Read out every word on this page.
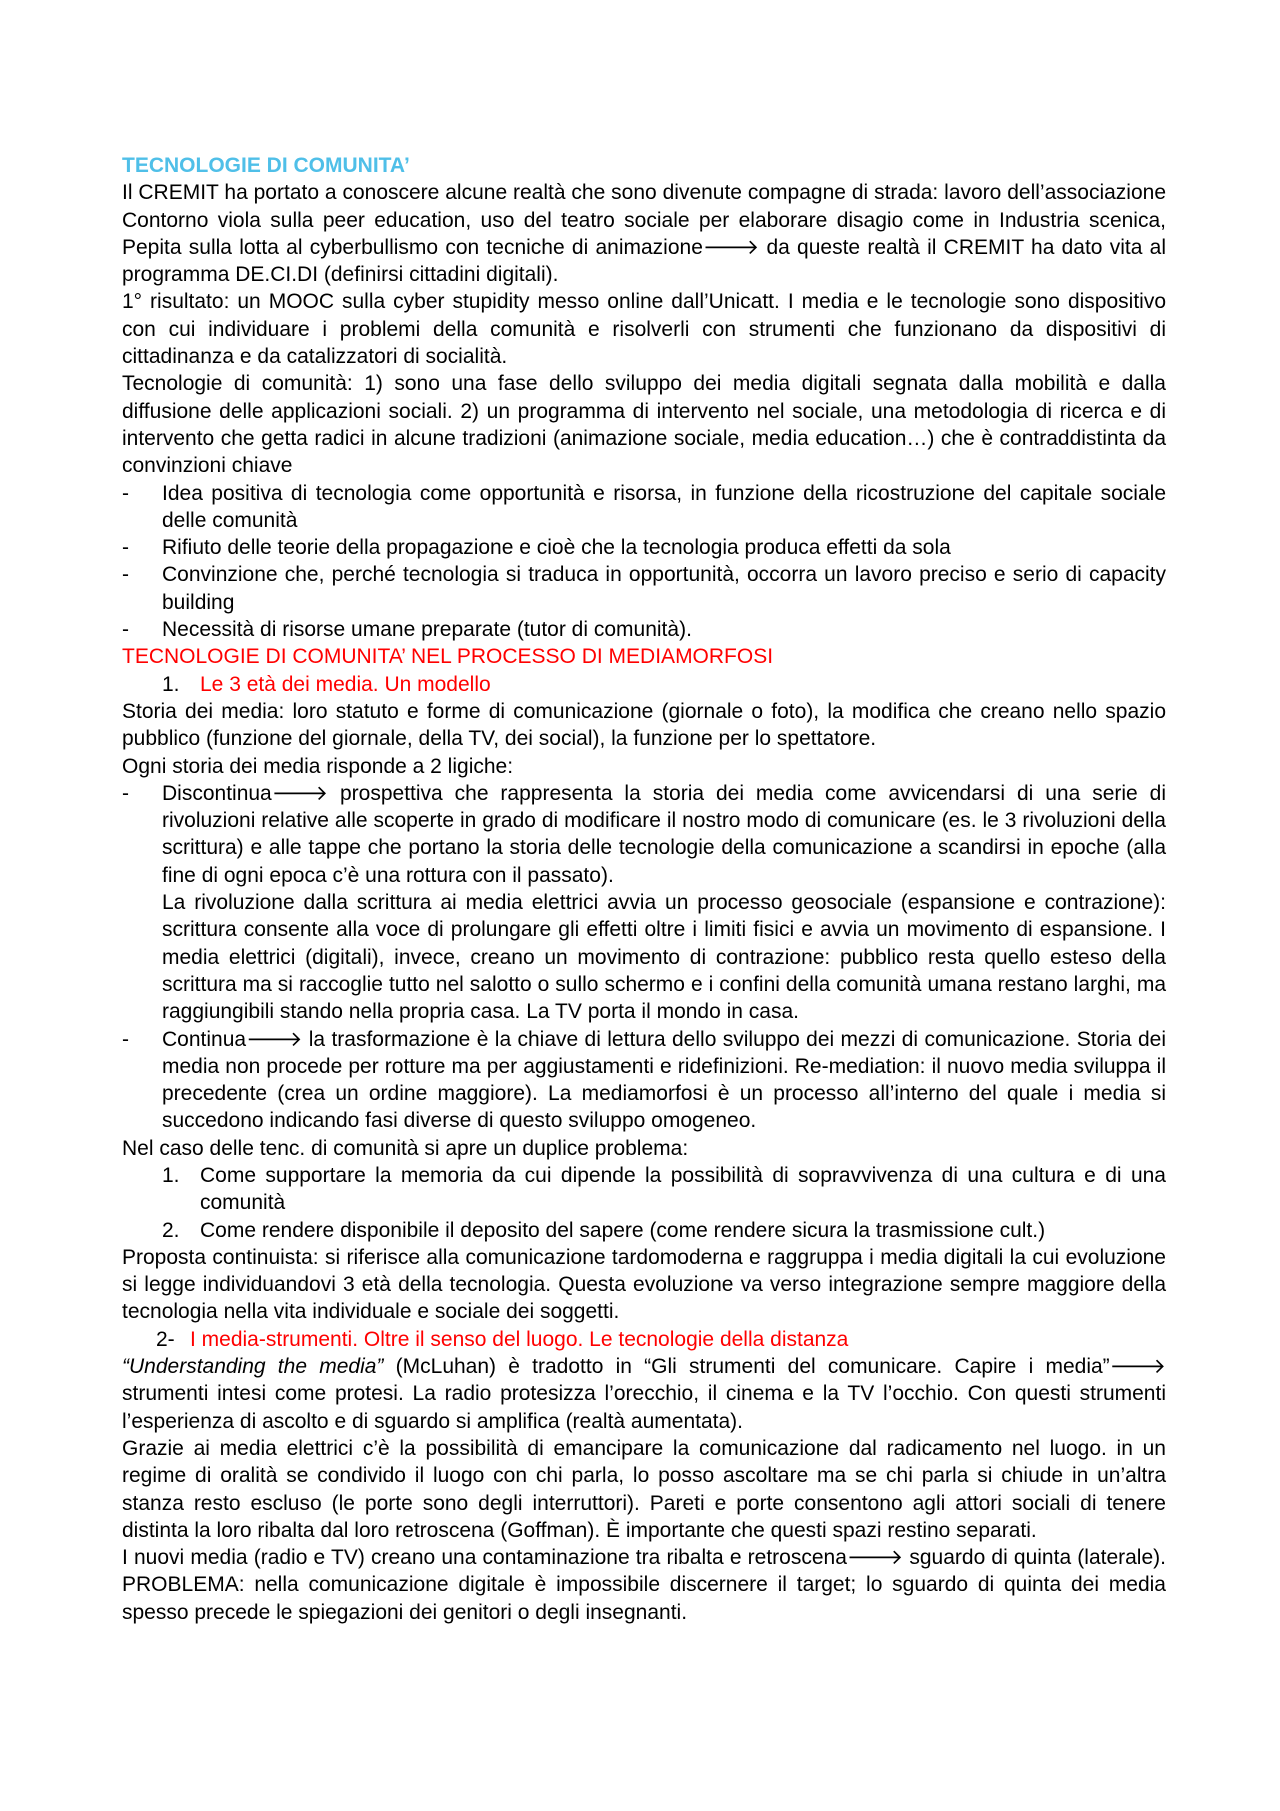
TECNOLOGIE DI COMUNITA’

Il CREMIT ha portato a conoscere alcune realtà che sono divenute compagne di strada: lavoro dell’associazione Contorno viola sulla peer education, uso del teatro sociale per elaborare disagio come in Industria scenica, Pepita sulla lotta al cyberbullismo con tecniche di animazione🡒 da queste realtà il CREMIT ha dato vita al programma DE.CI.DI (definirsi cittadini digitali).

1° risultato: un MOOC sulla cyber stupidity messo online dall’Unicatt. I media e le tecnologie sono dispositivo con cui individuare i problemi della comunità e risolverli con strumenti che funzionano da dispositivi di cittadinanza e da catalizzatori di socialità.

Tecnologie di comunità: 1) sono una fase dello sviluppo dei media digitali segnata dalla mobilità e dalla diffusione delle applicazioni sociali. 2) un programma di intervento nel sociale, una metodologia di ricerca e di intervento che getta radici in alcune tradizioni (animazione sociale, media education…) che è contraddistinta da convinzioni chiave

- Idea positiva di tecnologia come opportunità e risorsa, in funzione della ricostruzione del capitale sociale delle comunità

- Rifiuto delle teorie della propagazione e cioè che la tecnologia produca effetti da sola

- Convinzione che, perché tecnologia si traduca in opportunità, occorra un lavoro preciso e serio di capacity building

- Necessità di risorse umane preparate (tutor di comunità).

TECNOLOGIE DI COMUNITA’ NEL PROCESSO DI MEDIAMORFOSI

1. Le 3 età dei media. Un modello

Storia dei media: loro statuto e forme di comunicazione (giornale o foto), la modifica che creano nello spazio pubblico (funzione del giornale, della TV, dei social), la funzione per lo spettatore.

Ogni storia dei media risponde a 2 ligiche:

- Discontinua🡒 prospettiva che rappresenta la storia dei media come avvicendarsi di una serie di rivoluzioni relative alle scoperte in grado di modificare il nostro modo di comunicare (es. le 3 rivoluzioni della scrittura) e alle tappe che portano la storia delle tecnologie della comunicazione a scandirsi in epoche (alla fine di ogni epoca c’è una rottura con il passato).

La rivoluzione dalla scrittura ai media elettrici avvia un processo geosociale (espansione e contrazione): scrittura consente alla voce di prolungare gli effetti oltre i limiti fisici e avvia un movimento di espansione. I media elettrici (digitali), invece, creano un movimento di contrazione: pubblico resta quello esteso della scrittura ma si raccoglie tutto nel salotto o sullo schermo e i confini della comunità umana restano larghi, ma raggiungibili stando nella propria casa. La TV porta il mondo in casa.

- Continua🡒 la trasformazione è la chiave di lettura dello sviluppo dei mezzi di comunicazione. Storia dei media non procede per rotture ma per aggiustamenti e ridefinizioni. Re-mediation: il nuovo media sviluppa il precedente (crea un ordine maggiore). La mediamorfosi è un processo all’interno del quale i media si succedono indicando fasi diverse di questo sviluppo omogeneo.

Nel caso delle tenc. di comunità si apre un duplice problema:

1. Come supportare la memoria da cui dipende la possibilità di sopravvivenza di una cultura e di una comunità

2. Come rendere disponibile il deposito del sapere (come rendere sicura la trasmissione cult.)

Proposta continuista: si riferisce alla comunicazione tardomoderna e raggruppa i media digitali la cui evoluzione si legge individuandovi 3 età della tecnologia. Questa evoluzione va verso integrazione sempre maggiore della tecnologia nella vita individuale e sociale dei soggetti.

2- I media-strumenti. Oltre il senso del luogo. Le tecnologie della distanza

“Understanding the media” (McLuhan) è tradotto in “Gli strumenti del comunicare. Capire i media”🡒 strumenti intesi come protesi. La radio protesizza l’orecchio, il cinema e la TV l’occhio. Con questi strumenti l’esperienza di ascolto e di sguardo si amplifica (realtà aumentata).

Grazie ai media elettrici c’è la possibilità di emancipare la comunicazione dal radicamento nel luogo. in un regime di oralità se condivido il luogo con chi parla, lo posso ascoltare ma se chi parla si chiude in un’altra stanza resto escluso (le porte sono degli interruttori). Pareti e porte consentono agli attori sociali di tenere distinta la loro ribalta dal loro retroscena (Goffman). È importante che questi spazi restino separati.

I nuovi media (radio e TV) creano una contaminazione tra ribalta e retroscena🡒 sguardo di quinta (laterale). PROBLEMA: nella comunicazione digitale è impossibile discernere il target; lo sguardo di quinta dei media spesso precede le spiegazioni dei genitori o degli insegnanti.
